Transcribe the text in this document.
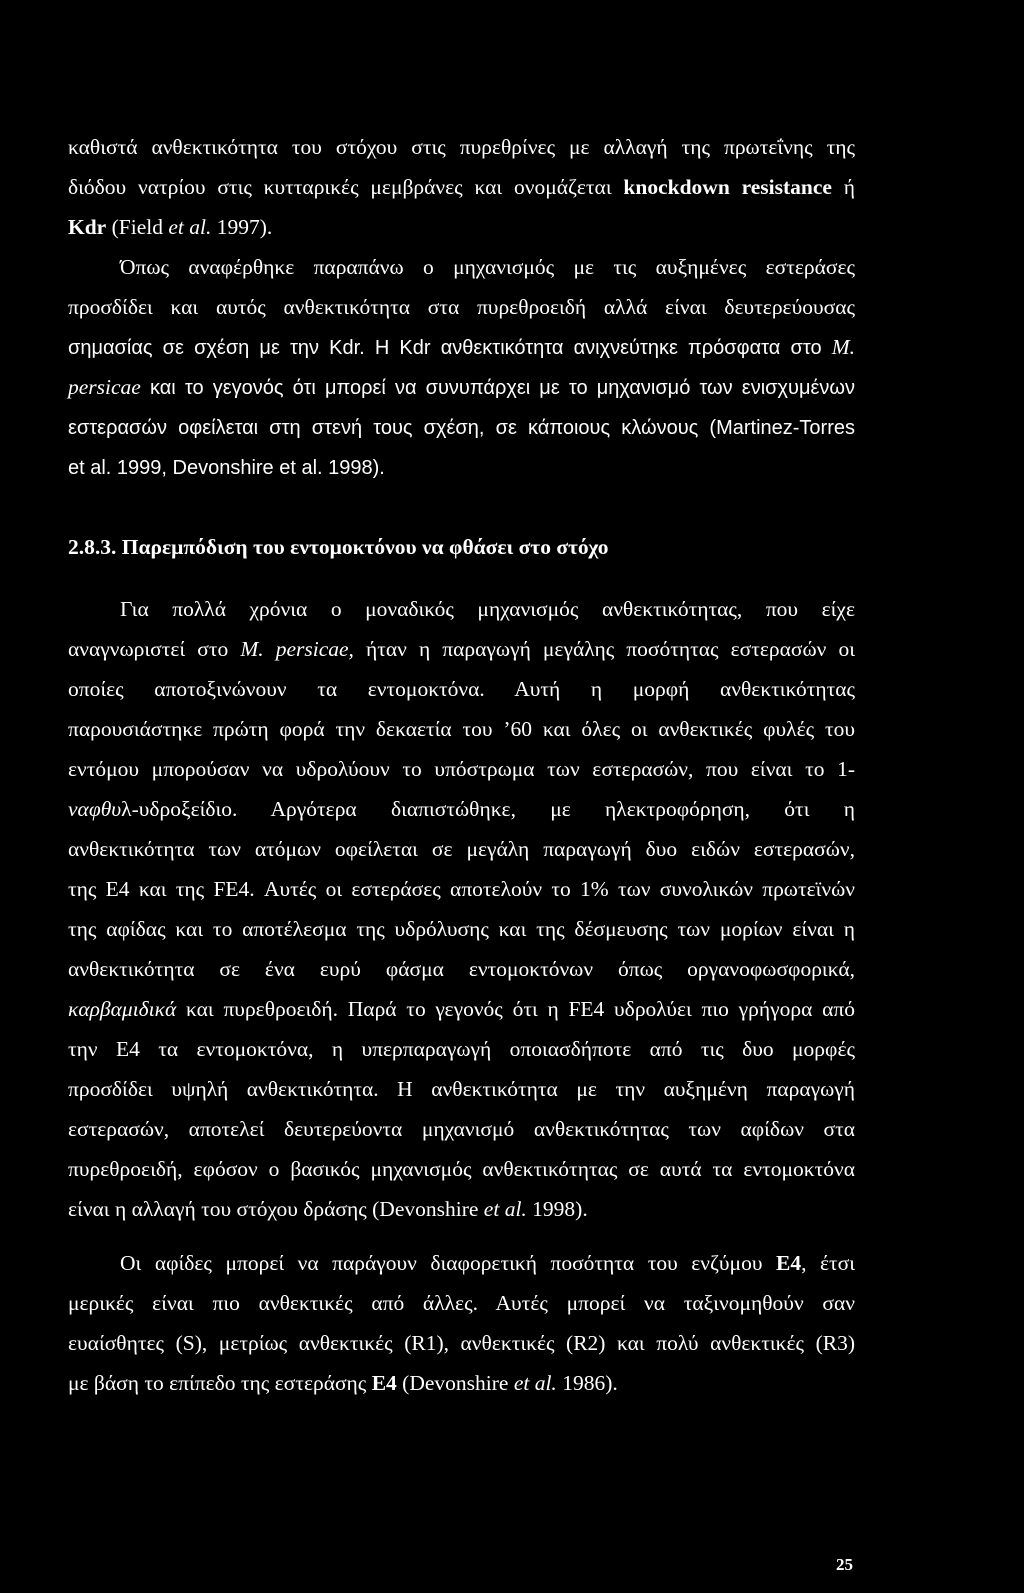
καθιστά ανθεκτικότητα του στόχου στις πυρεθρίνες με αλλαγή της πρωτεΐνης της
διόδου νατρίου στις κυτταρικές μεμβράνες και ονομάζεται knockdown resistance ή
Kdr (Field et al. 1997).
Όπως αναφέρθηκε παραπάνω ο μηχανισμός με τις αυξημένες εστεράσες
προσδίδει και αυτός ανθεκτικότητα στα πυρεθροειδή αλλά είναι δευτερεύουσας
σημασίας σε σχέση με την Kdr. Η Kdr ανθεκτικότητα ανιχνεύτηκε πρόσφατα στο M.
persicae και το γεγονός ότι μπορεί να συνυπάρχει με το μηχανισμό των ενισχυμένων
εστερασών οφείλεται στη στενή τους σχέση, σε κάποιους κλώνους (Martinez-Torres
et al. 1999, Devonshire et al. 1998).
2.8.3. Παρεμπόδιση του εντομοκτόνου να φθάσει στο στόχο
Για πολλά χρόνια ο μοναδικός μηχανισμός ανθεκτικότητας, που είχε
αναγνωριστεί στο M. persicae, ήταν η παραγωγή μεγάλης ποσότητας εστερασών οι
οποίες αποτοξινώνουν τα εντομοκτόνα. Αυτή η μορφή ανθεκτικότητας
παρουσιάστηκε πρώτη φορά την δεκαετία του ’60 και όλες οι ανθεκτικές φυλές του
εντόμου μπορούσαν να υδρολύουν το υπόστρωμα των εστερασών, που είναι το 1-
ναφθυλ-υδροξείδιο. Αργότερα διαπιστώθηκε, με ηλεκτροφόρηση, ότι η
ανθεκτικότητα των ατόμων οφείλεται σε μεγάλη παραγωγή δυο ειδών εστερασών,
της E4 και της FE4. Αυτές οι εστεράσες αποτελούν το 1% των συνολικών πρωτεϊνών
της αφίδας και το αποτέλεσμα της υδρόλυσης και της δέσμευσης των μορίων είναι η
ανθεκτικότητα σε ένα ευρύ φάσμα εντομοκτόνων όπως οργανοφωσφορικά,
καρβαμιδικά και πυρεθροειδή. Παρά το γεγονός ότι η FE4 υδρολύει πιο γρήγορα από
την E4 τα εντομοκτόνα, η υπερπαραγωγή οποιασδήποτε από τις δυο μορφές
προσδίδει υψηλή ανθεκτικότητα. Η ανθεκτικότητα με την αυξημένη παραγωγή
εστερασών, αποτελεί δευτερεύοντα μηχανισμό ανθεκτικότητας των αφίδων στα
πυρεθροειδή, εφόσον ο βασικός μηχανισμός ανθεκτικότητας σε αυτά τα εντομοκτόνα
είναι η αλλαγή του στόχου δράσης (Devonshire et al. 1998).
Οι αφίδες μπορεί να παράγουν διαφορετική ποσότητα του ενζύμου E4, έτσι
μερικές είναι πιο ανθεκτικές από άλλες. Αυτές μπορεί να ταξινομηθούν σαν
ευαίσθητες (S), μετρίως ανθεκτικές (R1), ανθεκτικές (R2) και πολύ ανθεκτικές (R3)
με βάση το επίπεδο της εστεράσης E4 (Devonshire et al. 1986).
25
